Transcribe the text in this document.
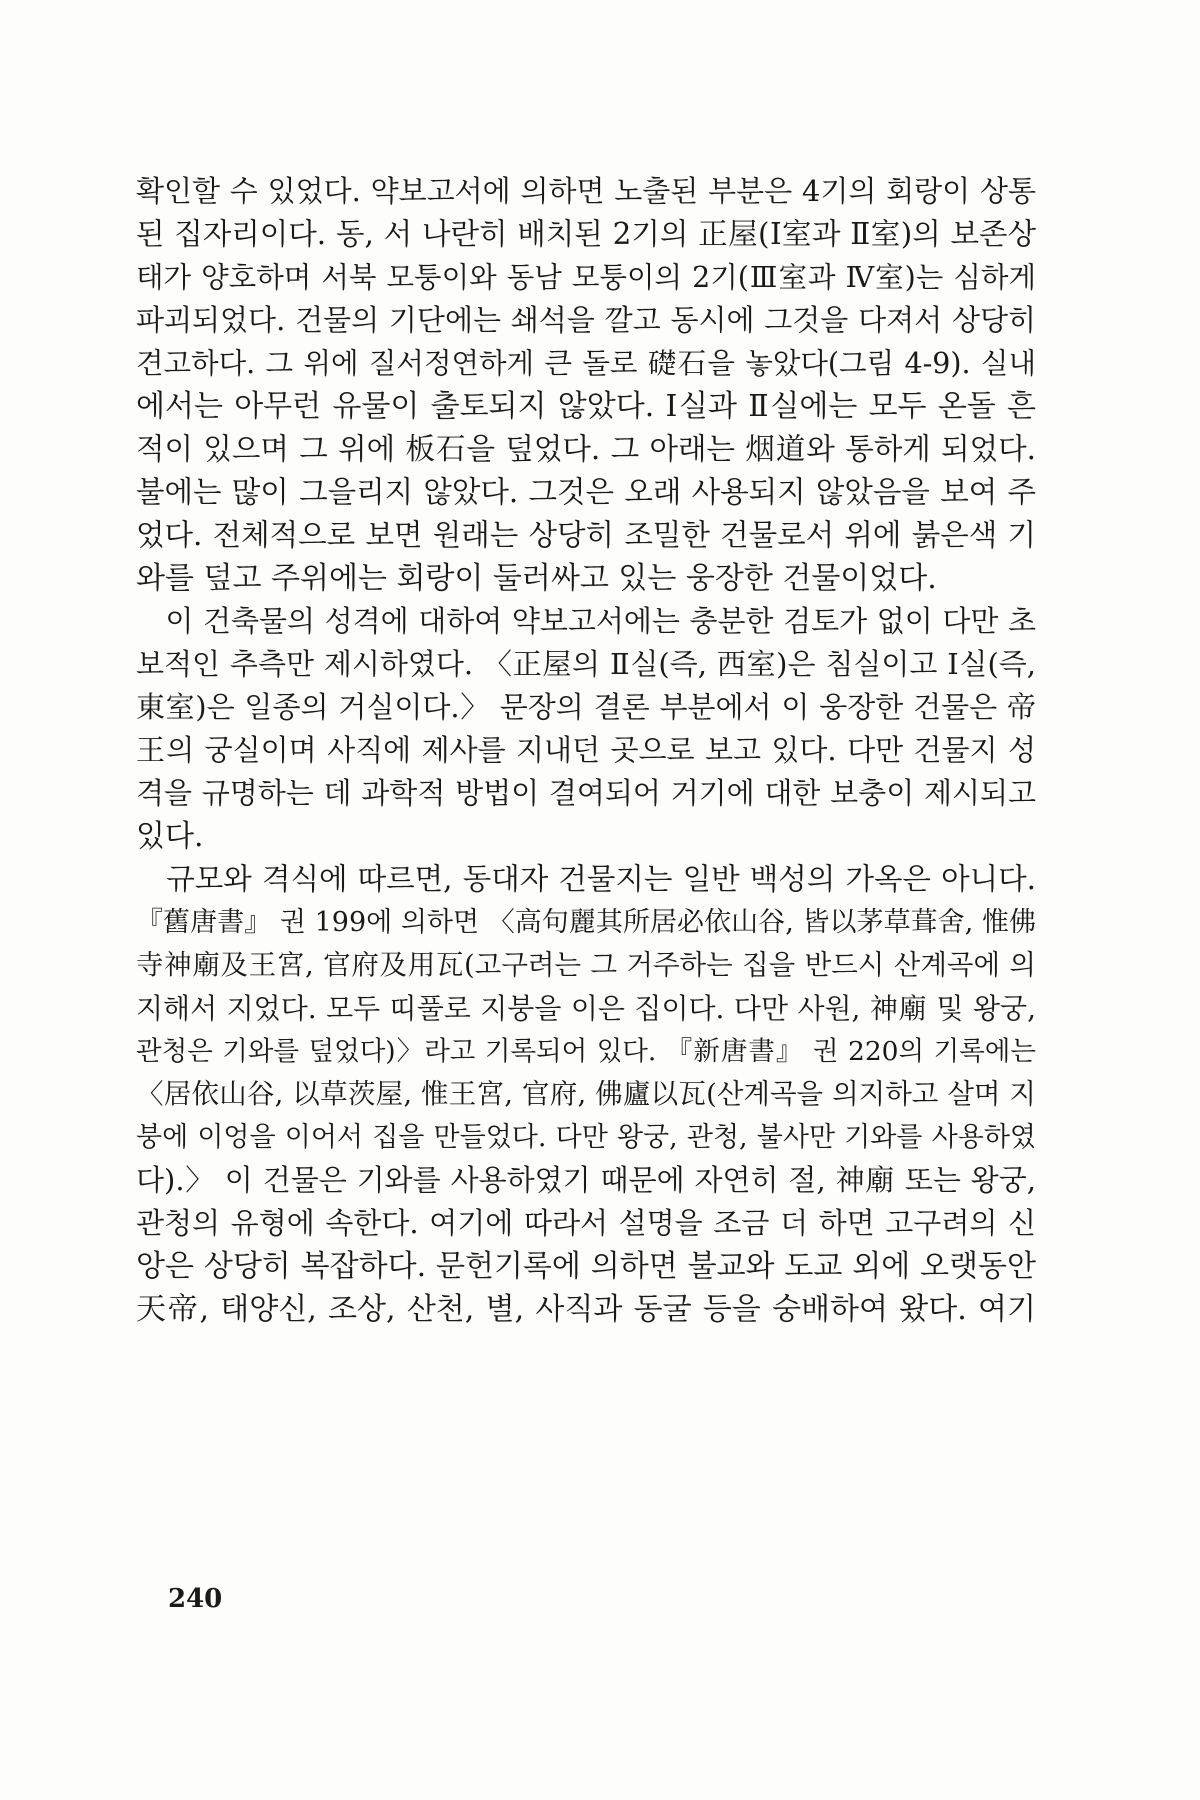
확인할 수 있었다. 약보고서에 의하면 노출된 부분은 4기의 회랑이 상통
된 집자리이다. 동, 서 나란히 배치된 2기의 正屋(Ⅰ室과 Ⅱ室)의 보존상
태가 양호하며 서북 모퉁이와 동남 모퉁이의 2기(Ⅲ室과 Ⅳ室)는 심하게
파괴되었다. 건물의 기단에는 쇄석을 깔고 동시에 그것을 다져서 상당히
견고하다. 그 위에 질서정연하게 큰 돌로 礎石을 놓았다(그림 4-9). 실내
에서는 아무런 유물이 출토되지 않았다. Ⅰ실과 Ⅱ실에는 모두 온돌 흔
적이 있으며 그 위에 板石을 덮었다. 그 아래는 烟道와 통하게 되었다.
불에는 많이 그을리지 않았다. 그것은 오래 사용되지 않았음을 보여 주
었다. 전체적으로 보면 원래는 상당히 조밀한 건물로서 위에 붉은색 기
와를 덮고 주위에는 회랑이 둘러싸고 있는 웅장한 건물이었다.
　이 건축물의 성격에 대하여 약보고서에는 충분한 검토가 없이 다만 초
보적인 추측만 제시하였다. 〈正屋의 Ⅱ실(즉, 西室)은 침실이고 Ⅰ실(즉,
東室)은 일종의 거실이다.〉 문장의 결론 부분에서 이 웅장한 건물은 帝
王의 궁실이며 사직에 제사를 지내던 곳으로 보고 있다. 다만 건물지 성
격을 규명하는 데 과학적 방법이 결여되어 거기에 대한 보충이 제시되고
있다.
　규모와 격식에 따르면, 동대자 건물지는 일반 백성의 가옥은 아니다.
『舊唐書』 권 199에 의하면 〈高句麗其所居必依山谷, 皆以茅草葺舍, 惟佛
寺神廟及王宮, 官府及用瓦(고구려는 그 거주하는 집을 반드시 산계곡에 의
지해서 지었다. 모두 띠풀로 지붕을 이은 집이다. 다만 사원, 神廟 및 왕궁,
관청은 기와를 덮었다)〉라고 기록되어 있다. 『新唐書』 권 220의 기록에는
〈居依山谷, 以草茨屋, 惟王宮, 官府, 佛廬以瓦(산계곡을 의지하고 살며 지
붕에 이엉을 이어서 집을 만들었다. 다만 왕궁, 관청, 불사만 기와를 사용하였
다).〉 이 건물은 기와를 사용하였기 때문에 자연히 절, 神廟 또는 왕궁,
관청의 유형에 속한다. 여기에 따라서 설명을 조금 더 하면 고구려의 신
앙은 상당히 복잡하다. 문헌기록에 의하면 불교와 도교 외에 오랫동안
天帝, 태양신, 조상, 산천, 별, 사직과 동굴 등을 숭배하여 왔다. 여기
240
